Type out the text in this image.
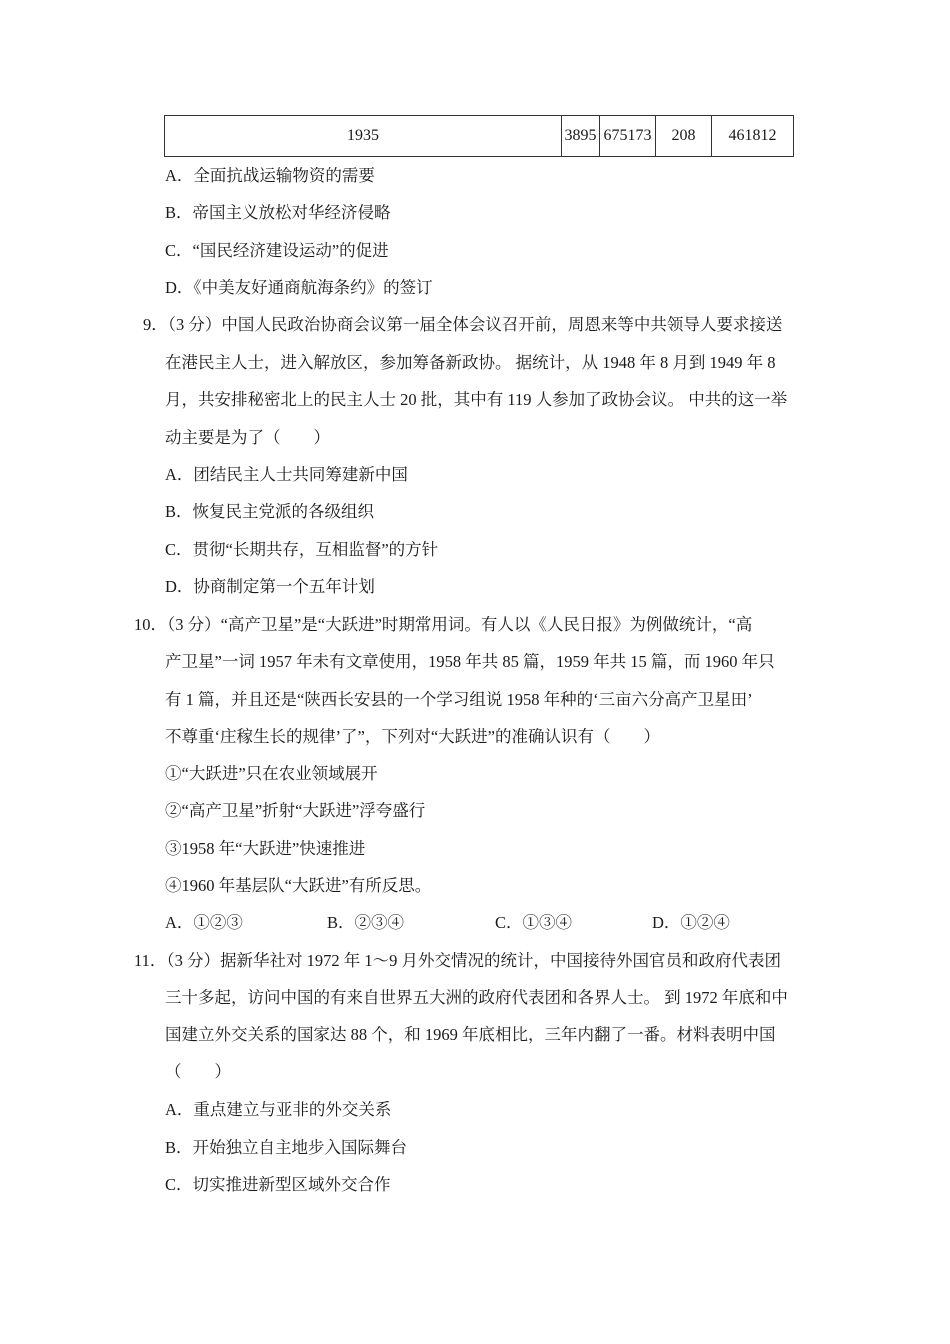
1935	3895	675173	208	461812
A．全面抗战运输物资的需要
B．帝国主义放松对华经济侵略
C．“国民经济建设运动”的促进
D．《中美友好通商航海条约》的签订
9．（3 分）中国人民政治协商会议第一届全体会议召开前，周恩来等中共领导人要求接送
在港民主人士，进入解放区，参加筹备新政协。 据统计，从 1948 年 8 月到 1949 年 8
月，共安排秘密北上的民主人士 20 批，其中有 119 人参加了政协会议。 中共的这一举
动主要是为了（　　）
A．团结民主人士共同筹建新中国
B．恢复民主党派的各级组织
C．贯彻“长期共存，互相监督”的方针
D．协商制定第一个五年计划
10．（3 分）“高产卫星”是“大跃进”时期常用词。有人以《人民日报》为例做统计，“高
产卫星”一词 1957 年未有文章使用，1958 年共 85 篇，1959 年共 15 篇，而 1960 年只
有 1 篇，并且还是“陕西长安县的一个学习组说 1958 年种的‘三亩六分高产卫星田’
不尊重‘庄稼生长的规律’了”，下列对“大跃进”的准确认识有（　　）
①“大跃进”只在农业领域展开
②“高产卫星”折射“大跃进”浮夸盛行
③1958 年“大跃进”快速推进
④1960 年基层队“大跃进”有所反思。
A．①②③	B．②③④	C．①③④	D．①②④
11．（3 分）据新华社对 1972 年 1～9 月外交情况的统计，中国接待外国官员和政府代表团
三十多起，访问中国的有来自世界五大洲的政府代表团和各界人士。 到 1972 年底和中
国建立外交关系的国家达 88 个，和 1969 年底相比，三年内翻了一番。材料表明中国
（　　）
A．重点建立与亚非的外交关系
B．开始独立自主地步入国际舞台
C．切实推进新型区域外交合作
